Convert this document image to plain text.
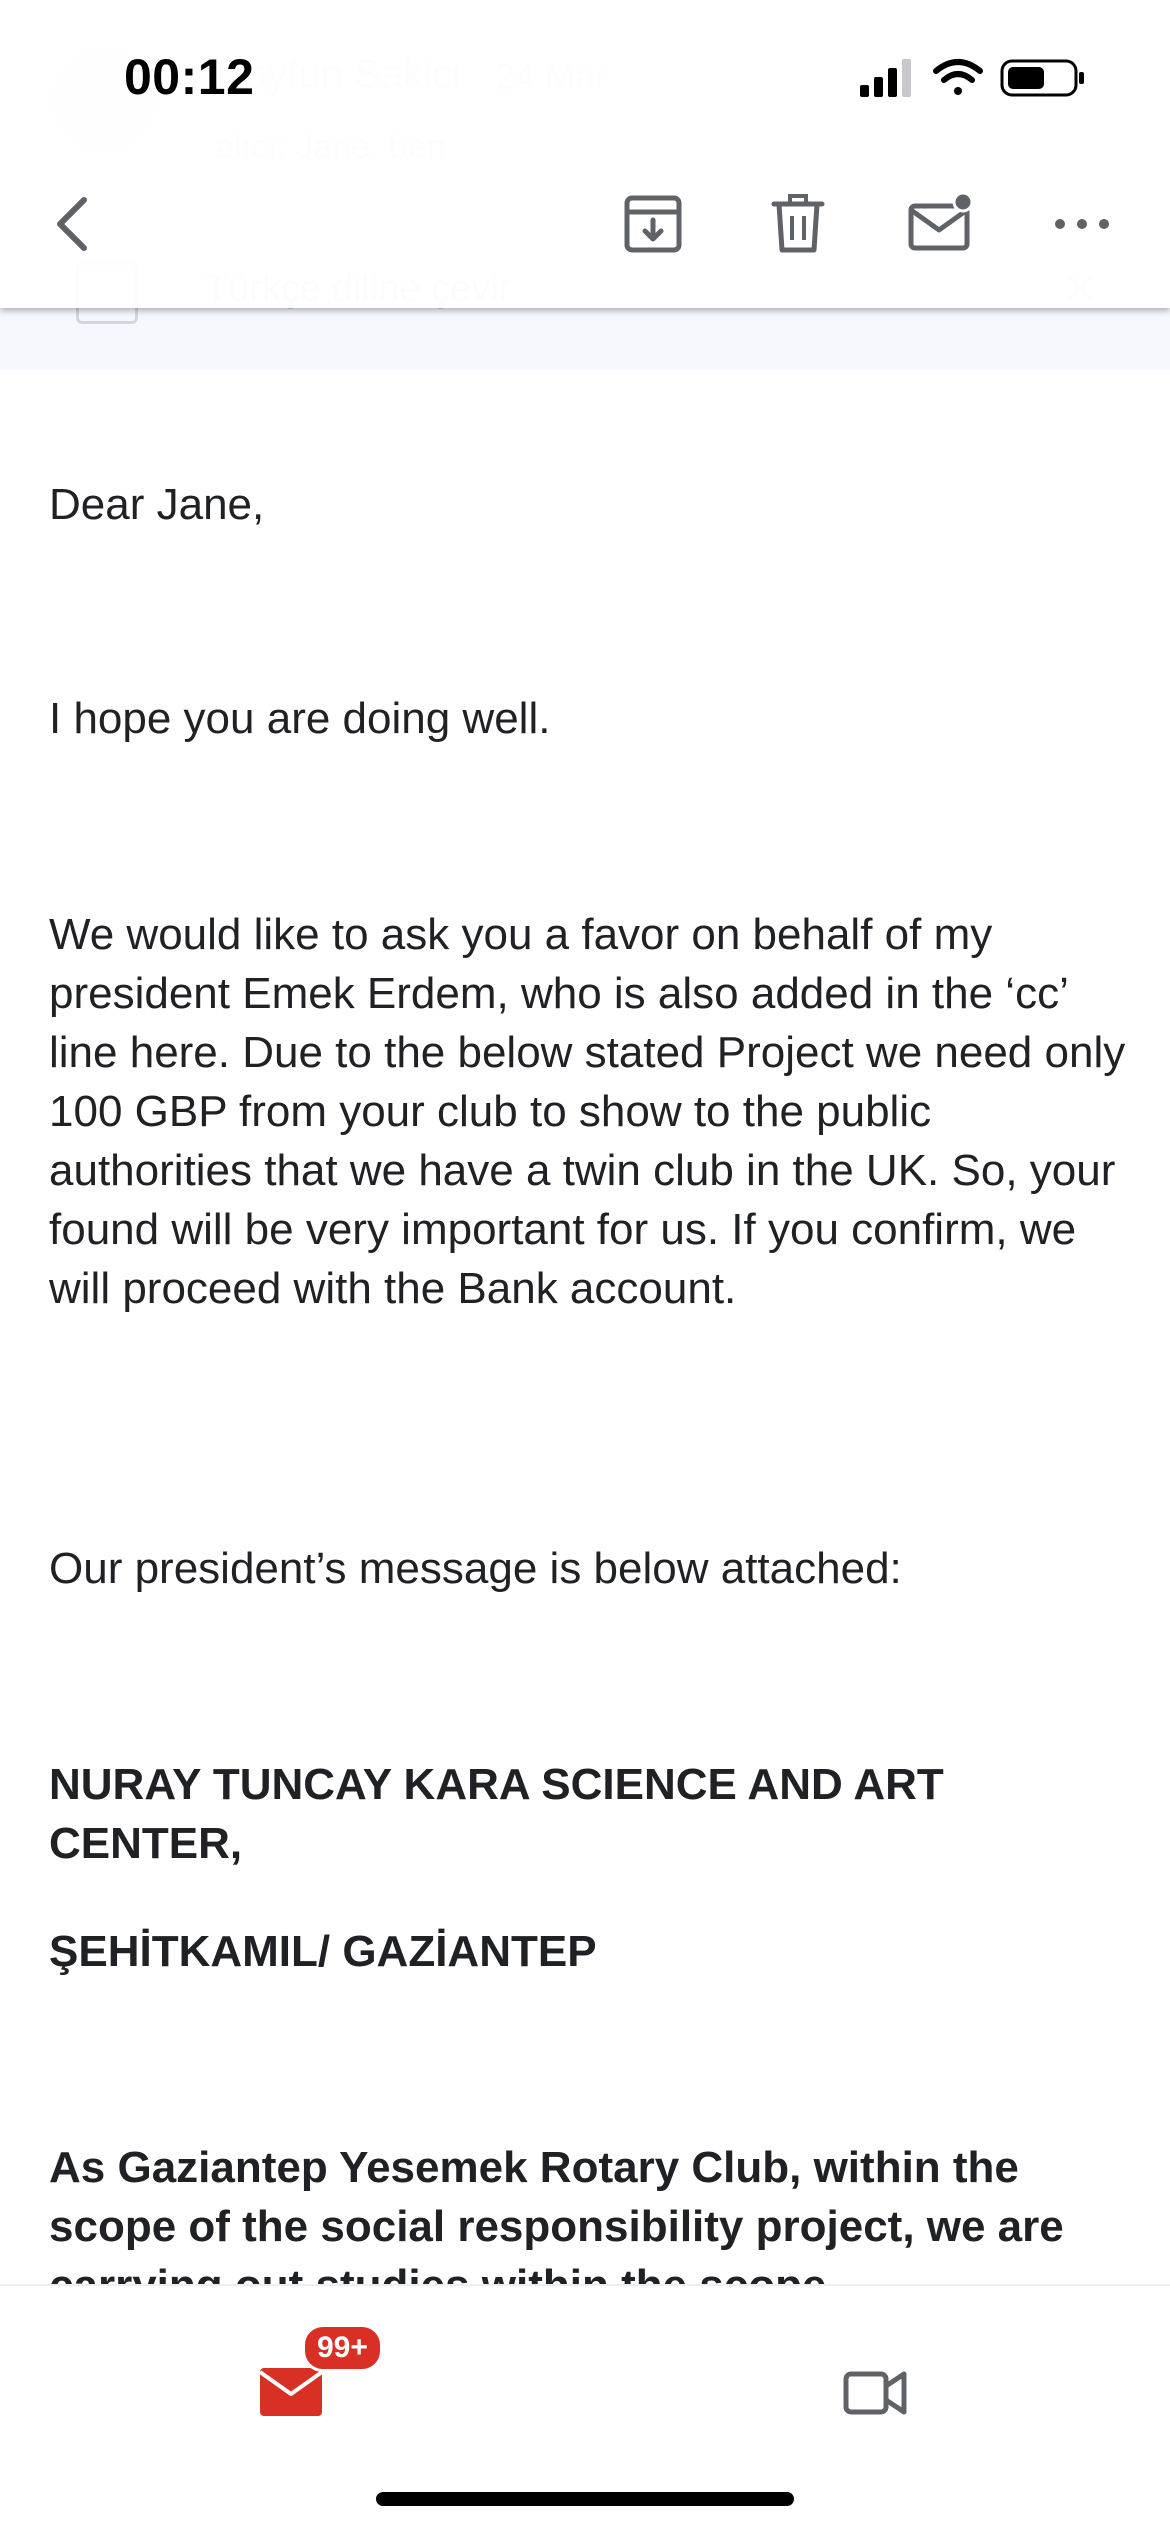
00:12

Dear Jane,

I hope you are doing well.

We would like to ask you a favor on behalf of my president Emek Erdem, who is also added in the ‘cc’ line here. Due to the below stated Project we need only 100 GBP from your club to show to the public authorities that we have a twin club in the UK. So, your found will be very important for us. If you confirm, we will proceed with the Bank account.

Our president’s message is below attached:

NURAY TUNCAY KARA SCIENCE AND ART CENTER,

ŞEHİTKAMIL/ GAZİANTEP

As Gaziantep Yesemek Rotary Club, within the scope of the social responsibility project, we are

99+
